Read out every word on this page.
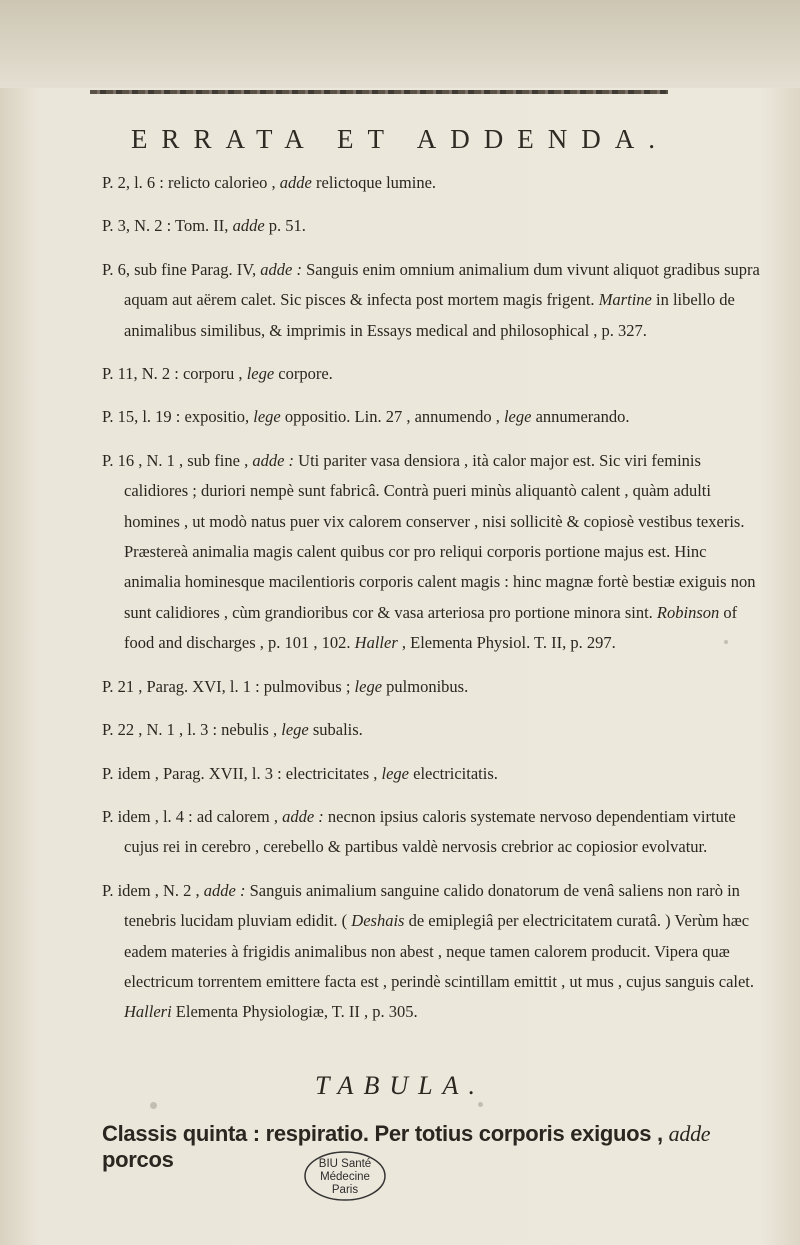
ERRATA ET ADDENDA.
P. 2, l. 6 : relicto calorieo , adde relictoque lumine.
P. 3, N. 2 : Tom. II, adde p. 51.
P. 6, sub fine Parag. IV, adde : Sanguis enim omnium animalium dum vivunt aliquot gradibus supra aquam aut aërem calet. Sic pisces & infecta post mortem magis frigent. Martine in libello de animalibus similibus, & imprimis in Essays medical and philosophical , p. 327.
P. 11, N. 2 : corporu , lege corpore.
P. 15, l. 19 : expositio, lege oppositio. Lin. 27 , annumendo , lege annumerando.
P. 16 , N. 1 , sub fine , adde : Uti pariter vasa densiora , ità calor major est. Sic viri feminis calidiores ; duriori nempè sunt fabricâ. Contrà pueri minùs aliquantò calent , quàm adulti homines , ut modò natus puer vix calorem conserver , nisi sollicitè & copiosè vestibus texeris. Præstereà animalia magis calent quibus cor pro reliqui corporis portione majus est. Hinc animalia hominesque macilentioris corporis calent magis : hinc magnæ fortè bestiæ exiguis non sunt calidiores , cùm grandioribus cor & vasa arteriosa pro portione minora sint. Robinson of food and discharges , p. 101 , 102. Haller , Elementa Physiol. T. II, p. 297.
P. 21 , Parag. XVI, l. 1 : pulmovibus ; lege pulmonibus.
P. 22 , N. 1 , l. 3 : nebulis , lege subalis.
P. idem , Parag. XVII, l. 3 : electricitates , lege electricitatis.
P. idem , l. 4 : ad calorem , adde : necnon ipsius caloris systemate nervoso dependentiam virtute cujus rei in cerebro , cerebello & partibus valdè nervosis crebrior ac copiosior evolvatur.
P. idem , N. 2 , adde : Sanguis animalium sanguine calido donatorum de venâ saliens non rarò in tenebris lucidam pluviam edidit. ( Deshais de emiplegiâ per electricitatem curatâ. ) Verùm hæc eadem materies à frigidis animalibus non abest , neque tamen calorem producit. Vipera quæ electricum torrentem emittere facta est , perindè scintillam emittit , ut mus , cujus sanguis calet. Halleri Elementa Physiologiæ, T. II , p. 305.
TABULA.
Classis quinta : respiratio. Per totius corporis exiguos , adde porcos	BIU Santé
Médecine
Paris
